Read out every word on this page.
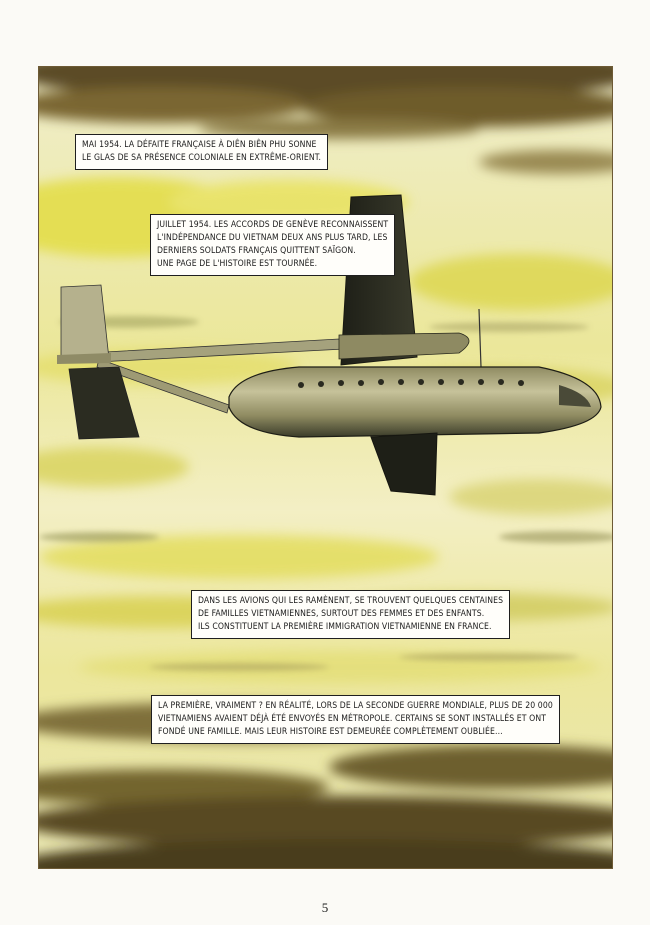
MAI 1954. LA DÉFAITE FRANÇAISE À DIÊN BIÊN PHU SONNE
LE GLAS DE SA PRÉSENCE COLONIALE EN EXTRÊME-ORIENT.
JUILLET 1954. LES ACCORDS DE GENÈVE RECONNAISSENT
L'INDÉPENDANCE DU VIETNAM DEUX ANS PLUS TARD, LES
DERNIERS SOLDATS FRANÇAIS QUITTENT SAÏGON.
UNE PAGE DE L'HISTOIRE EST TOURNÉE.
DANS LES AVIONS QUI LES RAMÈNENT, SE TROUVENT QUELQUES CENTAINES
DE FAMILLES VIETNAMIENNES, SURTOUT DES FEMMES ET DES ENFANTS.
ILS CONSTITUENT LA PREMIÈRE IMMIGRATION VIETNAMIENNE EN FRANCE.
LA PREMIÈRE, VRAIMENT ? EN RÉALITÉ, LORS DE LA SECONDE GUERRE MONDIALE, PLUS DE 20 000
VIETNAMIENS AVAIENT DÉJÀ ÉTÉ ENVOYÉS EN MÉTROPOLE. CERTAINS SE SONT INSTALLÉS ET ONT
FONDÉ UNE FAMILLE. MAIS LEUR HISTOIRE EST DEMEURÉE COMPLÈTEMENT OUBLIÉE...
5
